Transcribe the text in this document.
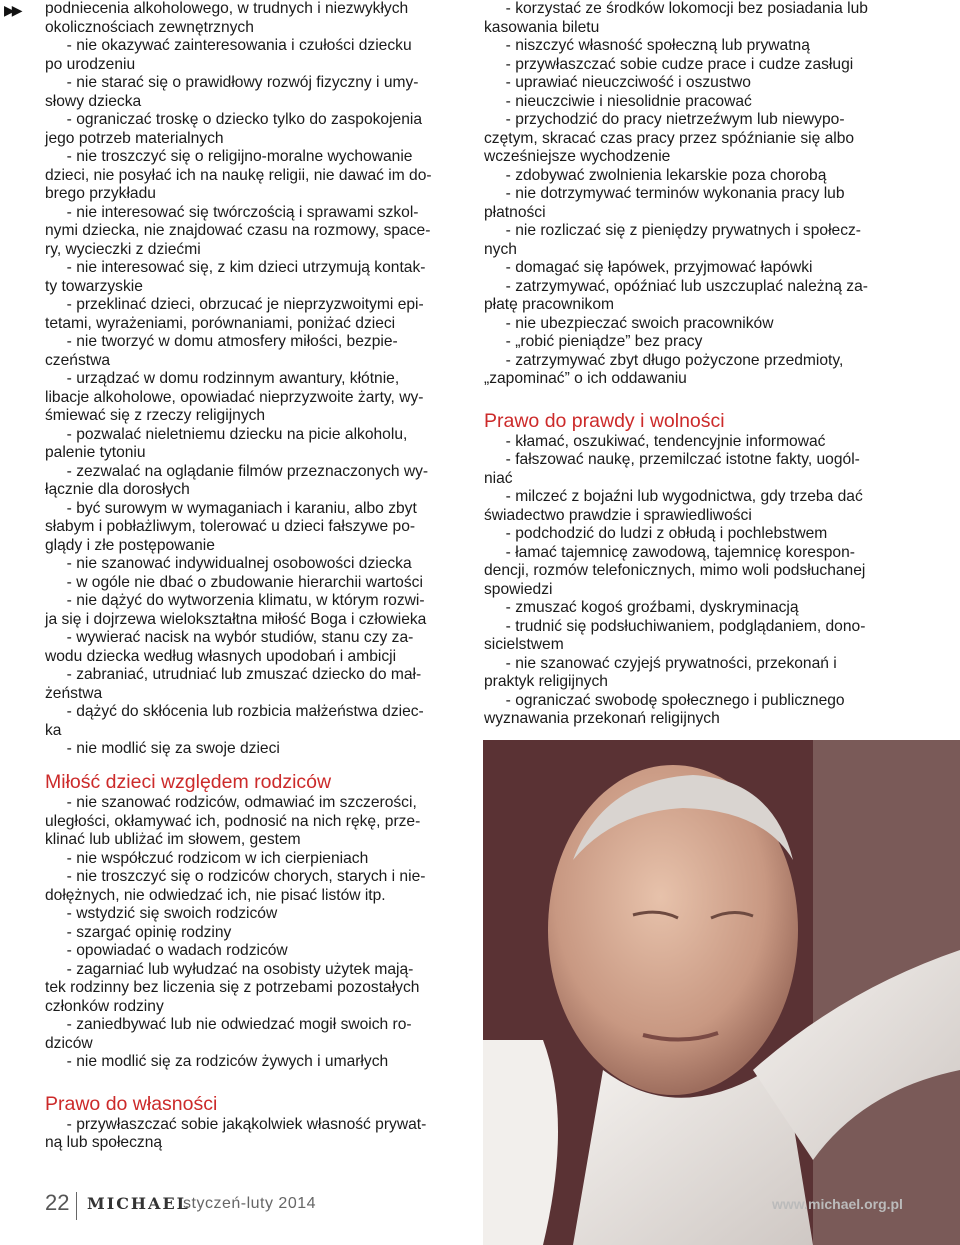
▶▶ podniecenia alkoholowego, w trudnych i niezwykłych
okolicznościach zewnętrznych
- nie okazywać zainteresowania i czułości dziecku
po urodzeniu
- nie starać się o prawidłowy rozwój fizyczny i umy-
słowy dziecka
- ograniczać troskę o dziecko tylko do zaspokojenia
jego potrzeb materialnych
- nie troszczyć się o religijno-moralne wychowanie
dzieci, nie posyłać ich na naukę religii, nie dawać im do-
brego przykładu
- nie interesować się twórczością i sprawami szkol-
nymi dziecka, nie znajdować czasu na rozmowy, space-
ry, wycieczki z dziećmi
- nie interesować się, z kim dzieci utrzymują kontak-
ty towarzyskie
- przeklinać dzieci, obrzucać je nieprzyzwoitymi epi-
tetami, wyrażeniami, porównaniami, poniżać dzieci
- nie tworzyć w domu atmosfery miłości, bezpie-
czeństwa
- urządzać w domu rodzinnym awantury, kłótnie,
libacje alkoholowe, opowiadać nieprzyzwoite żarty, wy-
śmiewać się z rzeczy religijnych
- pozwalać nieletniemu dziecku na picie alkoholu,
palenie tytoniu
- zezwalać na oglądanie filmów przeznaczonych wy-
łącznie dla dorosłych
- być surowym w wymaganiach i karaniu, albo zbyt
słabym i pobłażliwym, tolerować u dzieci fałszywe po-
glądy i złe postępowanie
- nie szanować indywidualnej osobowości dziecka
- w ogóle nie dbać o zbudowanie hierarchii wartości
- nie dążyć do wytworzenia klimatu, w którym rozwi-
ja się i dojrzewa wielokształtna miłość Boga i człowieka
- wywierać nacisk na wybór studiów, stanu czy za-
wodu dziecka według własnych upodobań i ambicji
- zabraniać, utrudniać lub zmuszać dziecko do mał-
żeństwa
- dążyć do skłócenia lub rozbicia małżeństwa dziec-
ka
- nie modlić się za swoje dzieci
Miłość dzieci względem rodziców
- nie szanować rodziców, odmawiać im szczerości,
uległości, okłamywać ich, podnosić na nich rękę, prze-
klinać lub ubliżać im słowem, gestem
- nie współczuć rodzicom w ich cierpieniach
- nie troszczyć się o rodziców chorych, starych i nie-
dołężnych, nie odwiedzać ich, nie pisać listów itp.
- wstydzić się swoich rodziców
- szargać opinię rodziny
- opowiadać o wadach rodziców
- zagarniać lub wyłudzać na osobisty użytek mają-
tek rodzinny bez liczenia się z potrzebami pozostałych
członków rodziny
- zaniedbywać lub nie odwiedzać mogił swoich ro-
dziców
- nie modlić się za rodziców żywych i umarłych
Prawo do własności
- przywłaszczać sobie jakąkolwiek własność prywat-
ną lub społeczną
- korzystać ze środków lokomocji bez posiadania lub
kasowania biletu
- niszczyć własność społeczną lub prywatną
- przywłaszczać sobie cudze prace i cudze zasługi
- uprawiać nieuczciwość i oszustwo
- nieuczciwie i niesolidnie pracować
- przychodzić do pracy nietrzeźwym lub niewypo-
czętym, skracać czas pracy przez spóźnianie się albo
wcześniejsze wychodzenie
- zdobywać zwolnienia lekarskie poza chorobą
- nie dotrzymywać terminów wykonania pracy lub
płatności
- nie rozliczać się z pieniędzy prywatnych i społecz-
nych
- domagać się łapówek, przyjmować łapówki
- zatrzymywać, opóźniać lub uszczuplać należną za-
płatę pracownikom
- nie ubezpieczać swoich pracowników
- „robić pieniądze” bez pracy
- zatrzymywać zbyt długo pożyczone przedmioty,
„zapominać” o ich oddawaniu
Prawo do prawdy i wolności
- kłamać, oszukiwać, tendencyjnie informować
- fałszować naukę, przemilczać istotne fakty, uogól-
niać
- milczeć z bojaźni lub wygodnictwa, gdy trzeba dać
świadectwo prawdzie i sprawiedliwości
- podchodzić do ludzi z obłudą i pochlebstwem
- łamać tajemnicę zawodową, tajemnicę korespon-
dencji, rozmów telefonicznych, mimo woli podsłuchanej
spowiedzi
- zmuszać kogoś groźbami, dyskryminacją
- trudnić się podsłuchiwaniem, podglądaniem, dono-
sicielstwem
- nie szanować czyjejś prywatności, przekonań i
praktyk religijnych
- ograniczać swobodę społecznego i publicznego
wyznawania przekonań religijnych
22 MICHAEL
styczeń-luty 2014	www.michael.org.pl
